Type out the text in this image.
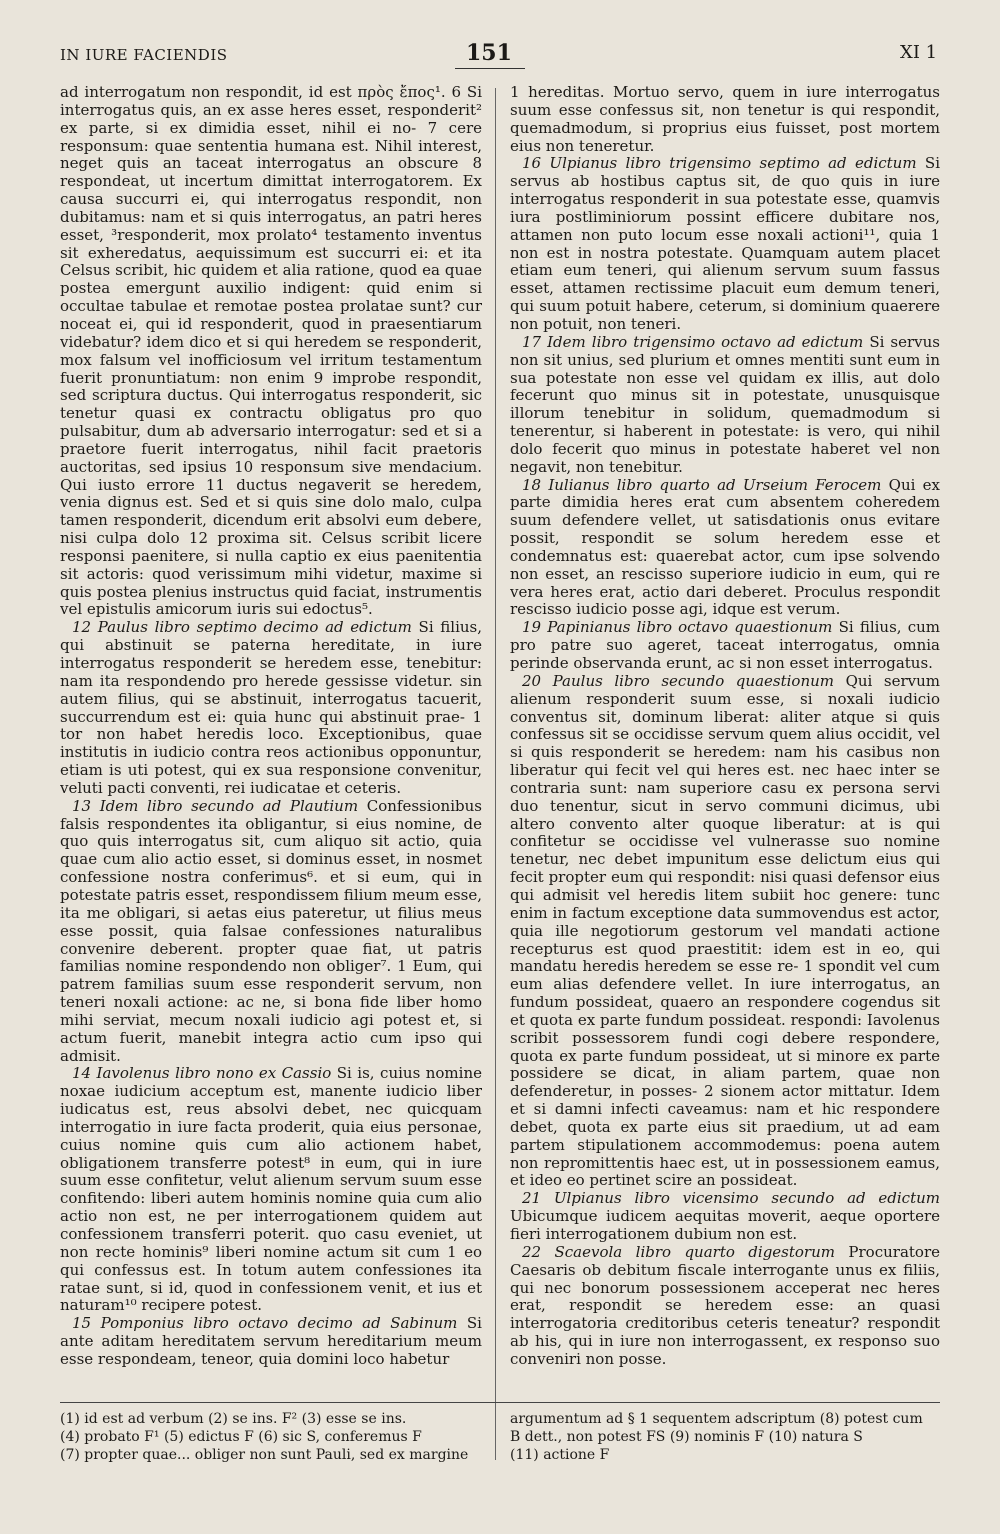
IN IURE FACIENDIS	151	XI 1

ad interrogatum non respondit, id est πρὸς ἔπος¹. 6 Si interrogatus quis, an ex asse heres esset, responderit² ex parte, si ex dimidia esset, nihil ei no- 7 cere responsum: quae sententia humana est. Nihil interest, neget quis an taceat interrogatus an obscure 8 respondeat, ut incertum dimittat interrogatorem. Ex causa succurri ei, qui interrogatus respondit, non dubitamus: nam et si quis interrogatus, an patri heres esset, ³responderit, mox prolato⁴ testamento inventus sit exheredatus, aequissimum est succurri ei: et ita Celsus scribit, hic quidem et alia ratione, quod ea quae postea emergunt auxilio indigent: quid enim si occultae tabulae et remotae postea prolatae sunt? cur noceat ei, qui id responderit, quod in praesentiarum videbatur? idem dico et si qui heredem se responderit, mox falsum vel inofficiosum vel irritum testamentum fuerit pronuntiatum: non enim 9 improbe respondit, sed scriptura ductus. Qui interrogatus responderit, sic tenetur quasi ex contractu obligatus pro quo pulsabitur, dum ab adversario interrogatur: sed et si a praetore fuerit interrogatus, nihil facit praetoris auctoritas, sed ipsius 10 responsum sive mendacium. Qui iusto errore 11 ductus negaverit se heredem, venia dignus est. Sed et si quis sine dolo malo, culpa tamen responderit, dicendum erit absolvi eum debere, nisi culpa dolo 12 proxima sit. Celsus scribit licere responsi paenitere, si nulla captio ex eius paenitentia sit actoris: quod verissimum mihi videtur, maxime si quis postea plenius instructus quid faciat, instrumentis vel epistulis amicorum iuris sui edoctus⁵.

12 Paulus libro septimo decimo ad edictum Si filius, qui abstinuit se paterna hereditate, in iure interrogatus responderit se heredem esse, tenebitur: nam ita respondendo pro herede gessisse videtur. sin autem filius, qui se abstinuit, interrogatus tacuerit, succurrendum est ei: quia hunc qui abstinuit prae- 1 tor non habet heredis loco. Exceptionibus, quae institutis in iudicio contra reos actionibus opponuntur, etiam is uti potest, qui ex sua responsione convenitur, veluti pacti conventi, rei iudicatae et ceteris.

13 Idem libro secundo ad Plautium Confessionibus falsis respondentes ita obligantur, si eius nomine, de quo quis interrogatus sit, cum aliquo sit actio, quia quae cum alio actio esset, si dominus esset, in nosmet confessione nostra conferimus⁶. et si eum, qui in potestate patris esset, respondissem filium meum esse, ita me obligari, si aetas eius pateretur, ut filius meus esse possit, quia falsae confessiones naturalibus convenire deberent. propter quae fiat, ut patris familias nomine respondendo non obliger⁷. 1 Eum, qui patrem familias suum esse responderit servum, non teneri noxali actione: ac ne, si bona fide liber homo mihi serviat, mecum noxali iudicio agi potest et, si actum fuerit, manebit integra actio cum ipso qui admisit.

14 Iavolenus libro nono ex Cassio Si is, cuius nomine noxae iudicium acceptum est, manente iudicio liber iudicatus est, reus absolvi debet, nec quicquam interrogatio in iure facta proderit, quia eius personae, cuius nomine quis cum alio actionem habet, obligationem transferre potest⁸ in eum, qui in iure suum esse confitetur, velut alienum servum suum esse confitendo: liberi autem hominis nomine quia cum alio actio non est, ne per interrogationem quidem aut confessionem transferri poterit. quo casu eveniet, ut non recte hominis⁹ liberi nomine actum sit cum 1 eo qui confessus est. In totum autem confessiones ita ratae sunt, si id, quod in confessionem venit, et ius et naturam¹⁰ recipere potest.

15 Pomponius libro octavo decimo ad Sabinum Si ante aditam hereditatem servum hereditarium meum esse respondeam, teneor, quia domini loco habetur

1 hereditas. Mortuo servo, quem in iure interrogatus suum esse confessus sit, non tenetur is qui respondit, quemadmodum, si proprius eius fuisset, post mortem eius non teneretur.

16 Ulpianus libro trigensimo septimo ad edictum Si servus ab hostibus captus sit, de quo quis in iure interrogatus responderit in sua potestate esse, quamvis iura postliminiorum possint efficere dubitare nos, attamen non puto locum esse noxali actioni¹¹, quia 1 non est in nostra potestate. Quamquam autem placet etiam eum teneri, qui alienum servum suum fassus esset, attamen rectissime placuit eum demum teneri, qui suum potuit habere, ceterum, si dominium quaerere non potuit, non teneri.

17 Idem libro trigensimo octavo ad edictum Si servus non sit unius, sed plurium et omnes mentiti sunt eum in sua potestate non esse vel quidam ex illis, aut dolo fecerunt quo minus sit in potestate, unusquisque illorum tenebitur in solidum, quemadmodum si tenerentur, si haberent in potestate: is vero, qui nihil dolo fecerit quo minus in potestate haberet vel non negavit, non tenebitur.

18 Iulianus libro quarto ad Urseium Ferocem Qui ex parte dimidia heres erat cum absentem coheredem suum defendere vellet, ut satisdationis onus evitare possit, respondit se solum heredem esse et condemnatus est: quaerebat actor, cum ipse solvendo non esset, an rescisso superiore iudicio in eum, qui re vera heres erat, actio dari deberet. Proculus respondit rescisso iudicio posse agi, idque est verum.

19 Papinianus libro octavo quaestionum Si filius, cum pro patre suo ageret, taceat interrogatus, omnia perinde observanda erunt, ac si non esset interrogatus.

20 Paulus libro secundo quaestionum Qui servum alienum responderit suum esse, si noxali iudicio conventus sit, dominum liberat: aliter atque si quis confessus sit se occidisse servum quem alius occidit, vel si quis responderit se heredem: nam his casibus non liberatur qui fecit vel qui heres est. nec haec inter se contraria sunt: nam superiore casu ex persona servi duo tenentur, sicut in servo communi dicimus, ubi altero convento alter quoque liberatur: at is qui confitetur se occidisse vel vulnerasse suo nomine tenetur, nec debet impunitum esse delictum eius qui fecit propter eum qui respondit: nisi quasi defensor eius qui admisit vel heredis litem subiit hoc genere: tunc enim in factum exceptione data summovendus est actor, quia ille negotiorum gestorum vel mandati actione recepturus est quod praestitit: idem est in eo, qui mandatu heredis heredem se esse re- 1 spondit vel cum eum alias defendere vellet. In iure interrogatus, an fundum possideat, quaero an respondere cogendus sit et quota ex parte fundum possideat. respondi: Iavolenus scribit possessorem fundi cogi debere respondere, quota ex parte fundum possideat, ut si minore ex parte possidere se dicat, in aliam partem, quae non defenderetur, in posses- 2 sionem actor mittatur. Idem et si damni infecti caveamus: nam et hic respondere debet, quota ex parte eius sit praedium, ut ad eam partem stipulationem accommodemus: poena autem non repromittentis haec est, ut in possessionem eamus, et ideo eo pertinet scire an possideat.

21 Ulpianus libro vicensimo secundo ad edictum Ubicumque iudicem aequitas moverit, aeque oportere fieri interrogationem dubium non est.

22 Scaevola libro quarto digestorum Procuratore Caesaris ob debitum fiscale interrogante unus ex filiis, qui nec bonorum possessionem acceperat nec heres erat, respondit se heredem esse: an quasi interrogatoria creditoribus ceteris teneatur? respondit ab his, qui in iure non interrogassent, ex responso suo conveniri non posse.

(1) id est ad verbum (2) se ins. F² (3) esse se ins.
(4) probato F¹ (5) edictus F (6) sic S, conferemus F
(7) propter quae... obliger non sunt Pauli, sed ex margine
argumentum ad § 1 sequentem adscriptum (8) potest cum
B dett., non potest FS (9) nominis F (10) natura S
(11) actione F
